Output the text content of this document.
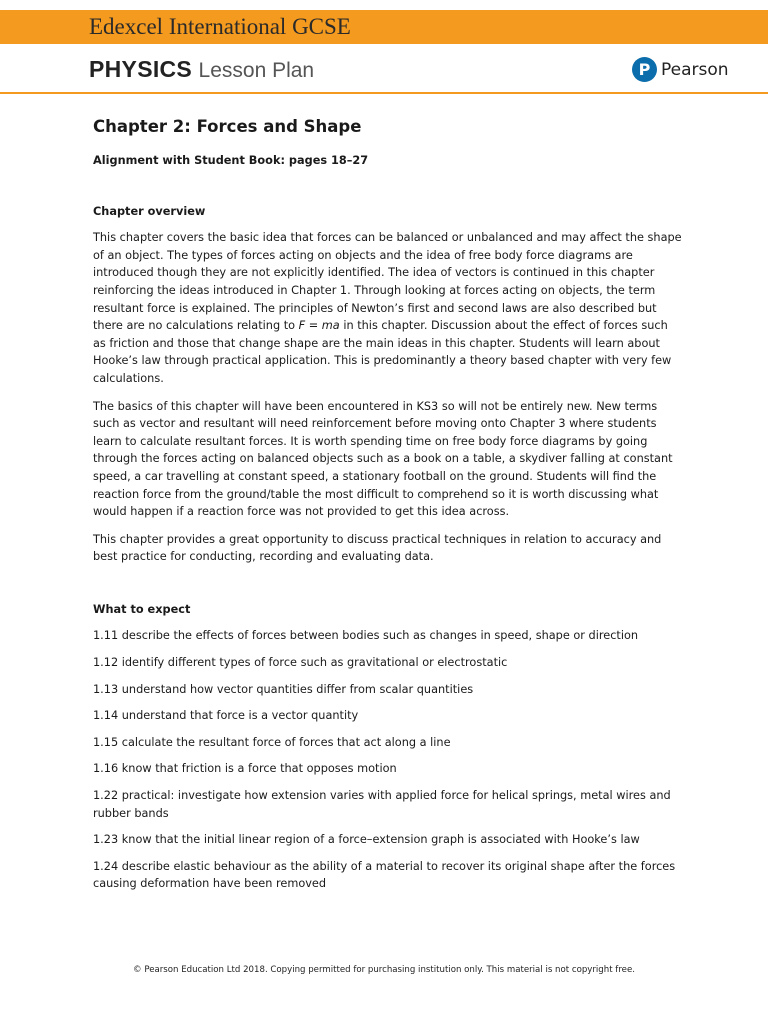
Edexcel International GCSE
PHYSICS Lesson Plan	P Pearson
Chapter 2: Forces and Shape

Alignment with Student Book: pages 18–27

Chapter overview

This chapter covers the basic idea that forces can be balanced or unbalanced and may affect the shape of an object. The types of forces acting on objects and the idea of free body force diagrams are introduced though they are not explicitly identified. The idea of vectors is continued in this chapter reinforcing the ideas introduced in Chapter 1. Through looking at forces acting on objects, the term resultant force is explained. The principles of Newton’s first and second laws are also described but there are no calculations relating to F = ma in this chapter. Discussion about the effect of forces such as friction and those that change shape are the main ideas in this chapter. Students will learn about Hooke’s law through practical application. This is predominantly a theory based chapter with very few calculations.

The basics of this chapter will have been encountered in KS3 so will not be entirely new. New terms such as vector and resultant will need reinforcement before moving onto Chapter 3 where students learn to calculate resultant forces. It is worth spending time on free body force diagrams by going through the forces acting on balanced objects such as a book on a table, a skydiver falling at constant speed, a car travelling at constant speed, a stationary football on the ground. Students will find the reaction force from the ground/table the most difficult to comprehend so it is worth discussing what would happen if a reaction force was not provided to get this idea across.

This chapter provides a great opportunity to discuss practical techniques in relation to accuracy and best practice for conducting, recording and evaluating data.

What to expect

1.11 describe the effects of forces between bodies such as changes in speed, shape or direction

1.12 identify different types of force such as gravitational or electrostatic

1.13 understand how vector quantities differ from scalar quantities

1.14 understand that force is a vector quantity

1.15 calculate the resultant force of forces that act along a line

1.16 know that friction is a force that opposes motion

1.22 practical: investigate how extension varies with applied force for helical springs, metal wires and rubber bands

1.23 know that the initial linear region of a force–extension graph is associated with Hooke’s law

1.24 describe elastic behaviour as the ability of a material to recover its original shape after the forces causing deformation have been removed

© Pearson Education Ltd 2018. Copying permitted for purchasing institution only. This material is not copyright free.
